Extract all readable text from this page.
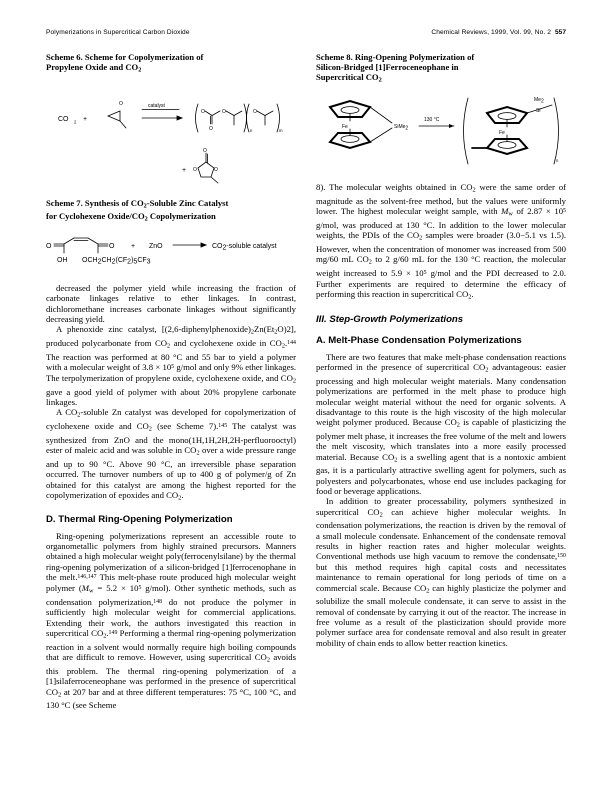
Polymerizations in Supercritical Carbon Dioxide	Chemical Reviews, 1999, Vol. 99, No. 2 557
Scheme 6. Scheme for Copolymerization of
Propylene Oxide and $CO_2$
CO 2 +
O	catalyst
O	O
O
O
n	m
+
O
O	O
Scheme 7. Synthesis of $CO_2$-Soluble Zinc Catalyst
for Cyclohexene Oxide/$CO_2$ Copolymerization
O	O
OH OCH2CH2(CF2)5CF3
+ ZnO	CO2-soluble catalyst

decreased the polymer yield while increasing the fraction of carbonate linkages relative to ether linkages. In contrast, dichloromethane increases carbonate linkages without significantly decreasing yield.

A phenoxide zinc catalyst, $[(2,6-diphenylphenoxide)_2Zn(Et_2O)2]$, produced polycarbonate from $CO_2$ and cyclohexene oxide in $CO_2.^{144}$ The reaction was performed at 80 °C and 55 bar to yield a polymer with a molecular weight of $3.8 \times 10^5$ g/mol and only 9% ether linkages. The terpolymerization of propylene oxide, cyclohexene oxide, and $CO_2$ gave a good yield of polymer with about 20% propylene carbonate linkages.

A $CO_2$-soluble Zn catalyst was developed for copolymerization of cyclohexene oxide and $CO_2$ (see Scheme 7).$^{145}$ The catalyst was synthesized from ZnO and the mono(1H,1H,2H,2H-perfluorooctyl) ester of maleic acid and was soluble in $CO_2$ over a wide pressure range and up to 90 °C. Above 90 °C, an irreversible phase separation occurred. The turnover numbers of up to 400 g of polymer/g of Zn obtained for this catalyst are among the highest reported for the copolymerization of epoxides and $CO_2$.

D. Thermal Ring-Opening Polymerization

Ring-opening polymerizations represent an accessible route to organometallic polymers from highly strained precursors. Manners obtained a high molecular weight poly(ferrocenylsilane) by the thermal ring-opening polymerization of a silicon-bridged [1]ferrocenophane in the melt.$^{146,147}$ This melt-phase route produced high molecular weight polymer ($M_w = 5.2 \times 10^5$ g/mol). Other synthetic methods, such as condensation polymerization,$^{148}$ do not produce the polymer in sufficiently high molecular weight for commercial applications. Extending their work, the authors investigated this reaction in supercritical $CO_2.^{149}$ Performing a thermal ring-opening polymerization reaction in a solvent would normally require high boiling compounds that are difficult to remove. However, using supercritical $CO_2$ avoids this problem. The thermal ring-opening polymerization of a [1]silaferroceneophane was performed in the presence of supercritical $CO_2$ at 207 bar and at three different temperatures: 75 °C, 100 °C, and 130 °C (see Scheme

Scheme 8. Ring-Opening Polymerization of
Silicon-Bridged [1]Ferroceneophane in
Supercritical $CO_2$
Fe	SiMe2
130 °C
Me2
Si
Fe
n

8). The molecular weights obtained in $CO_2$ were the same order of magnitude as the solvent-free method, but the values were uniformly lower. The highest molecular weight sample, with $M_w$ of $2.87 \times 10^5$ g/mol, was produced at 130 °C. In addition to the lower molecular weights, the PDIs of the $CO_2$ samples were broader (3.0−5.1 vs 1.5). However, when the concentration of monomer was increased from 500 mg/60 mL $CO_2$ to 2 g/60 mL for the 130 °C reaction, the molecular weight increased to $5.9 \times 10^5$ g/mol and the PDI decreased to 2.0. Further experiments are required to determine the efficacy of performing this reaction in supercritical $CO_2$.

III. Step-Growth Polymerizations
A. Melt-Phase Condensation Polymerizations

There are two features that make melt-phase condensation reactions performed in the presence of supercritical $CO_2$ advantageous: easier processing and high molecular weight materials. Many condensation polymerizations are performed in the melt phase to produce high molecular weight material without the need for organic solvents. A disadvantage to this route is the high viscosity of the high molecular weight polymer produced. Because $CO_2$ is capable of plasticizing the polymer melt phase, it increases the free volume of the melt and lowers the melt viscosity, which translates into a more easily processed material. Because $CO_2$ is a swelling agent that is a nontoxic ambient gas, it is a particularly attractive swelling agent for polymers, such as polyesters and polycarbonates, whose end use includes packaging for food or beverage applications.

In addition to greater processability, polymers synthesized in supercritical $CO_2$ can achieve higher molecular weights. In condensation polymerizations, the reaction is driven by the removal of a small molecule condensate. Enhancement of the condensate removal results in higher reaction rates and higher molecular weights. Conventional methods use high vacuum to remove the condensate,$^{150}$ but this method requires high capital costs and necessitates maintenance to remain operational for long periods of time on a commercial scale. Because $CO_2$ can highly plasticize the polymer and solubilize the small molecule condensate, it can serve to assist in the removal of condensate by carrying it out of the reactor. The increase in free volume as a result of the plasticization should provide more polymer surface area for condensate removal and also result in greater mobility of chain ends to allow better reaction kinetics.
